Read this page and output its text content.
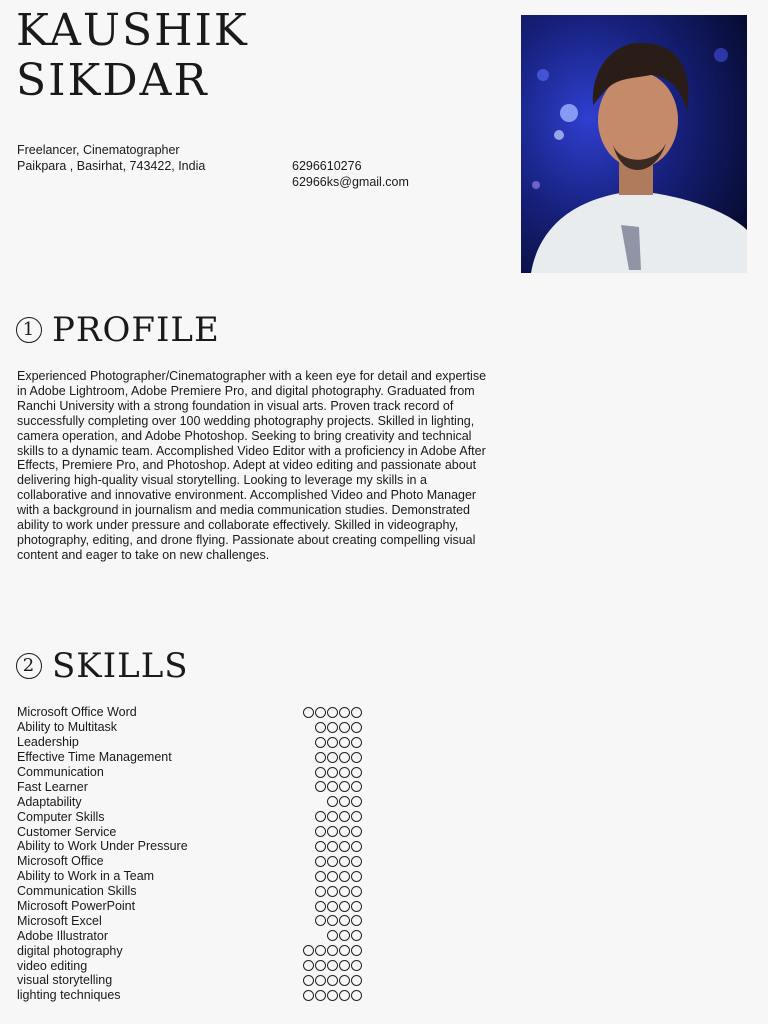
KAUSHIK
SIKDAR
Freelancer, Cinematographer
Paikpara , Basirhat, 743422, India	6296610276
62966ks@gmail.com
1 PROFILE

Experienced Photographer/Cinematographer with a keen eye for detail and expertise in Adobe Lightroom, Adobe Premiere Pro, and digital photography. Graduated from Ranchi University with a strong foundation in visual arts. Proven track record of successfully completing over 100 wedding photography projects. Skilled in lighting, camera operation, and Adobe Photoshop. Seeking to bring creativity and technical skills to a dynamic team. Accomplished Video Editor with a proficiency in Adobe After Effects, Premiere Pro, and Photoshop. Adept at video editing and passionate about delivering high-quality visual storytelling. Looking to leverage my skills in a collaborative and innovative environment. Accomplished Video and Photo Manager with a background in journalism and media communication studies. Demonstrated ability to work under pressure and collaborate effectively. Skilled in videography, photography, editing, and drone flying. Passionate about creating compelling visual content and eager to take on new challenges.

2 SKILLS
Microsoft Office Word
Ability to Multitask
Leadership
Effective Time Management
Communication
Fast Learner
Adaptability
Computer Skills
Customer Service
Ability to Work Under Pressure
Microsoft Office
Ability to Work in a Team
Communication Skills
Microsoft PowerPoint
Microsoft Excel
Adobe Illustrator
digital photography
video editing
visual storytelling
lighting techniques
